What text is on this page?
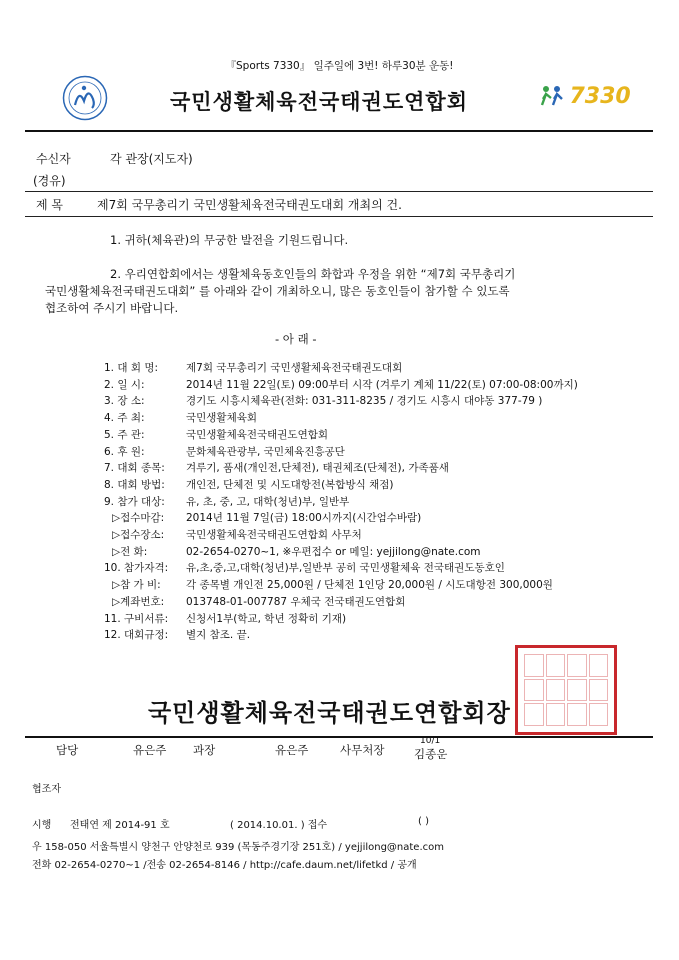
『Sports 7330』 일주일에 3번! 하루30분 운동!
국민생활체육전국태권도연합회	7330
수신자	각 관장(지도자)
(경유)
제 목	제7회 국무총리기 국민생활체육전국태권도대회 개최의 건.
1. 귀하(체육관)의 무궁한 발전을 기원드립니다.
2. 우리연합회에서는 생활체육동호인들의 화합과 우정을 위한 “제7회 국무총리기
국민생활체육전국태권도대회” 를 아래와 같이 개최하오니, 많은 동호인들이 참가할 수 있도록
협조하여 주시기 바랍니다.
- 아 래 -
1. 대 회 명:	제7회 국무총리기 국민생활체육전국태권도대회
2. 일 시:	2014년 11월 22일(토) 09:00부터 시작 (겨루기 계체 11/22(토) 07:00-08:00까지)
3. 장 소:	경기도 시흥시체육관(전화: 031-311-8235 / 경기도 시흥시 대야동 377-79 )
4. 주 최:	국민생활체육회
5. 주 관:	국민생활체육전국태권도연합회
6. 후 원:	문화체육관광부, 국민체육진흥공단
7. 대회 종목: 겨루기, 품새(개인전,단체전), 태권체조(단체전), 가족품새
8. 대회 방법: 개인전, 단체전 및 시도대항전(복합방식 채점)
9. 참가 대상: 유, 초, 중, 고, 대학(청년)부, 일반부
▷접수마감: 2014년 11월 7일(금) 18:00시까지(시간엄수바람)
▷접수장소: 국민생활체육전국태권도연합회 사무처
▷전 화:	02-2654-0270~1, ※우편접수 or 메일: yejjilong@nate.com
10. 참가자격: 유,초,중,고,대학(청년)부,일반부 공히 국민생활체육 전국태권도동호인
▷참 가 비: 각 종목별 개인전 25,000원 / 단체전 1인당 20,000원 / 시도대항전 300,000원
▷계좌번호: 013748-01-007787 우체국 전국태권도연합회
11. 구비서류: 신청서1부(학교, 학년 정확히 기재)
12. 대회규정: 별지 참조. 끝.
국민생활체육전국태권도연합회장
담당	유은주 과장	유은주	사무처장
10/1
김종운
협조자
시행 전태연 제 2014-91 호	( 2014.10.01. ) 접수	( )
우 158-050 서울특별시 양천구 안양천로 939 (목동주경기장 251호) / yejjilong@nate.com
전화 02-2654-0270~1 /전송 02-2654-8146 / http://cafe.daum.net/lifetkd / 공개
